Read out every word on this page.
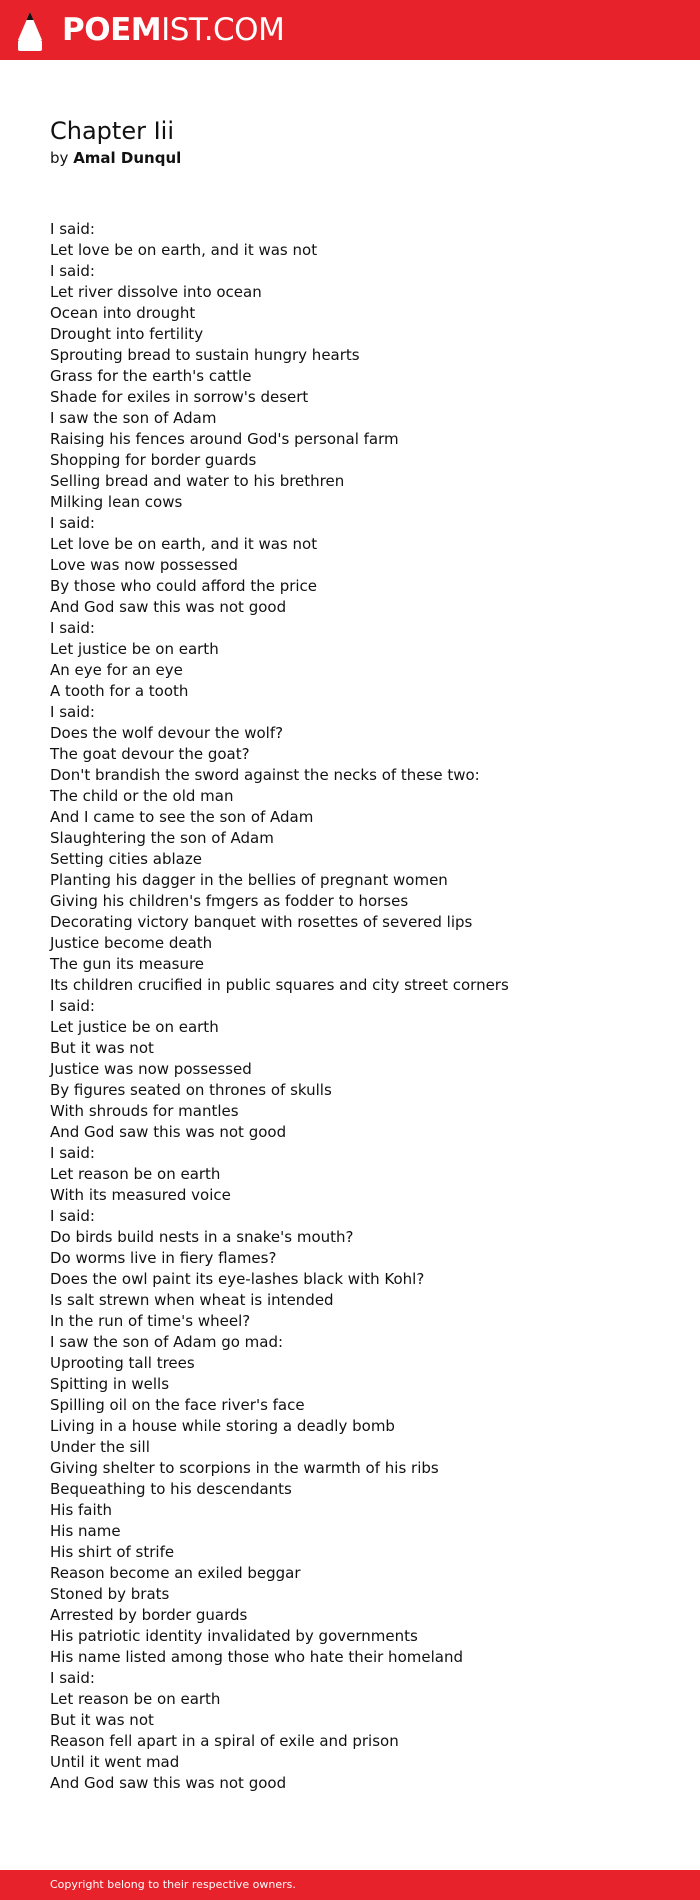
POEMIST.COM
Chapter Iii
by Amal Dunqul
I said:
Let love be on earth, and it was not
I said:
Let river dissolve into ocean
Ocean into drought
Drought into fertility
Sprouting bread to sustain hungry hearts
Grass for the earth's cattle
Shade for exiles in sorrow's desert
I saw the son of Adam
Raising his fences around God's personal farm
Shopping for border guards
Selling bread and water to his brethren
Milking lean cows
I said:
Let love be on earth, and it was not
Love was now possessed
By those who could afford the price
And God saw this was not good
I said:
Let justice be on earth
An eye for an eye
A tooth for a tooth
I said:
Does the wolf devour the wolf?
The goat devour the goat?
Don't brandish the sword against the necks of these two:
The child or the old man
And I came to see the son of Adam
Slaughtering the son of Adam
Setting cities ablaze
Planting his dagger in the bellies of pregnant women
Giving his children's fmgers as fodder to horses
Decorating victory banquet with rosettes of severed lips
Justice become death
The gun its measure
Its children crucified in public squares and city street corners
I said:
Let justice be on earth
But it was not
Justice was now possessed
By figures seated on thrones of skulls
With shrouds for mantles
And God saw this was not good
I said:
Let reason be on earth
With its measured voice
I said:
Do birds build nests in a snake's mouth?
Do worms live in fiery flames?
Does the owl paint its eye-lashes black with Kohl?
Is salt strewn when wheat is intended
In the run of time's wheel?
I saw the son of Adam go mad:
Uprooting tall trees
Spitting in wells
Spilling oil on the face river's face
Living in a house while storing a deadly bomb
Under the sill
Giving shelter to scorpions in the warmth of his ribs
Bequeathing to his descendants
His faith
His name
His shirt of strife
Reason become an exiled beggar
Stoned by brats
Arrested by border guards
His patriotic identity invalidated by governments
His name listed among those who hate their homeland
I said:
Let reason be on earth
But it was not
Reason fell apart in a spiral of exile and prison
Until it went mad
And God saw this was not good
Copyright belong to their respective owners.
